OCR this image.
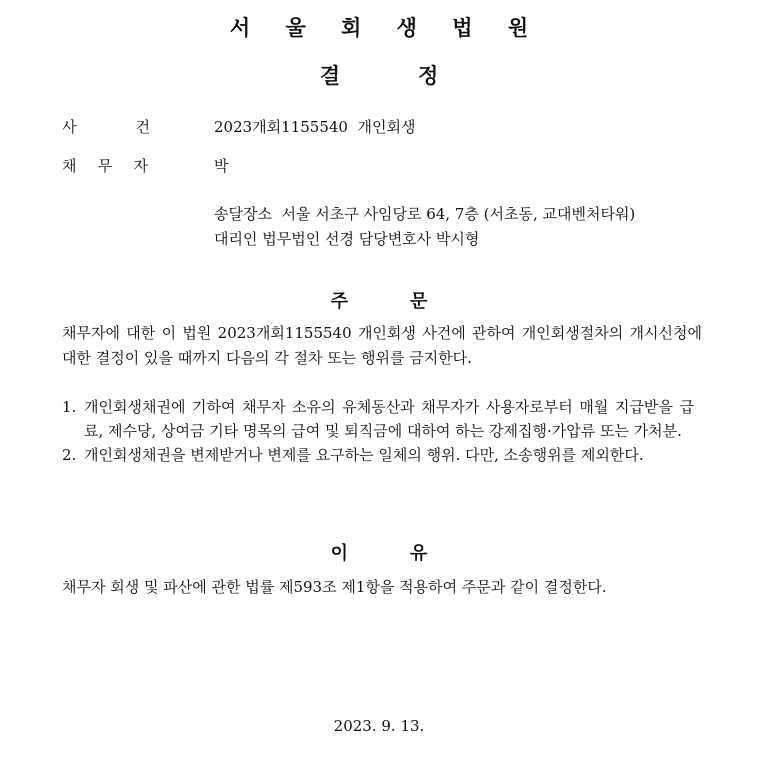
서 울 회 생 법 원
결	정
사	건	2023개회1155540  개인회생
채 무 자	박
송달장소  서울 서초구 사임당로 64, 7층 (서초동, 교대벤처타워)
대리인 법무법인 선경 담당변호사 박시형
주	문
채무자에 대한 이 법원 2023개회1155540 개인회생 사건에 관하여 개인회생절차의 개시신청에 대한 결정이 있을 때까지 다음의 각 절차 또는 행위를 금지한다.
1. 개인회생채권에 기하여 채무자 소유의 유체동산과 채무자가 사용자로부터 매월 지급받을 급료, 제수당, 상여금 기타 명목의 급여 및 퇴직금에 대하여 하는 강제집행·가압류 또는 가처분.
2. 개인회생채권을 변제받거나 변제를 요구하는 일체의 행위. 다만, 소송행위를 제외한다.
이	유
채무자 회생 및 파산에 관한 법률 제593조 제1항을 적용하여 주문과 같이 결정한다.
2023. 9. 13.
